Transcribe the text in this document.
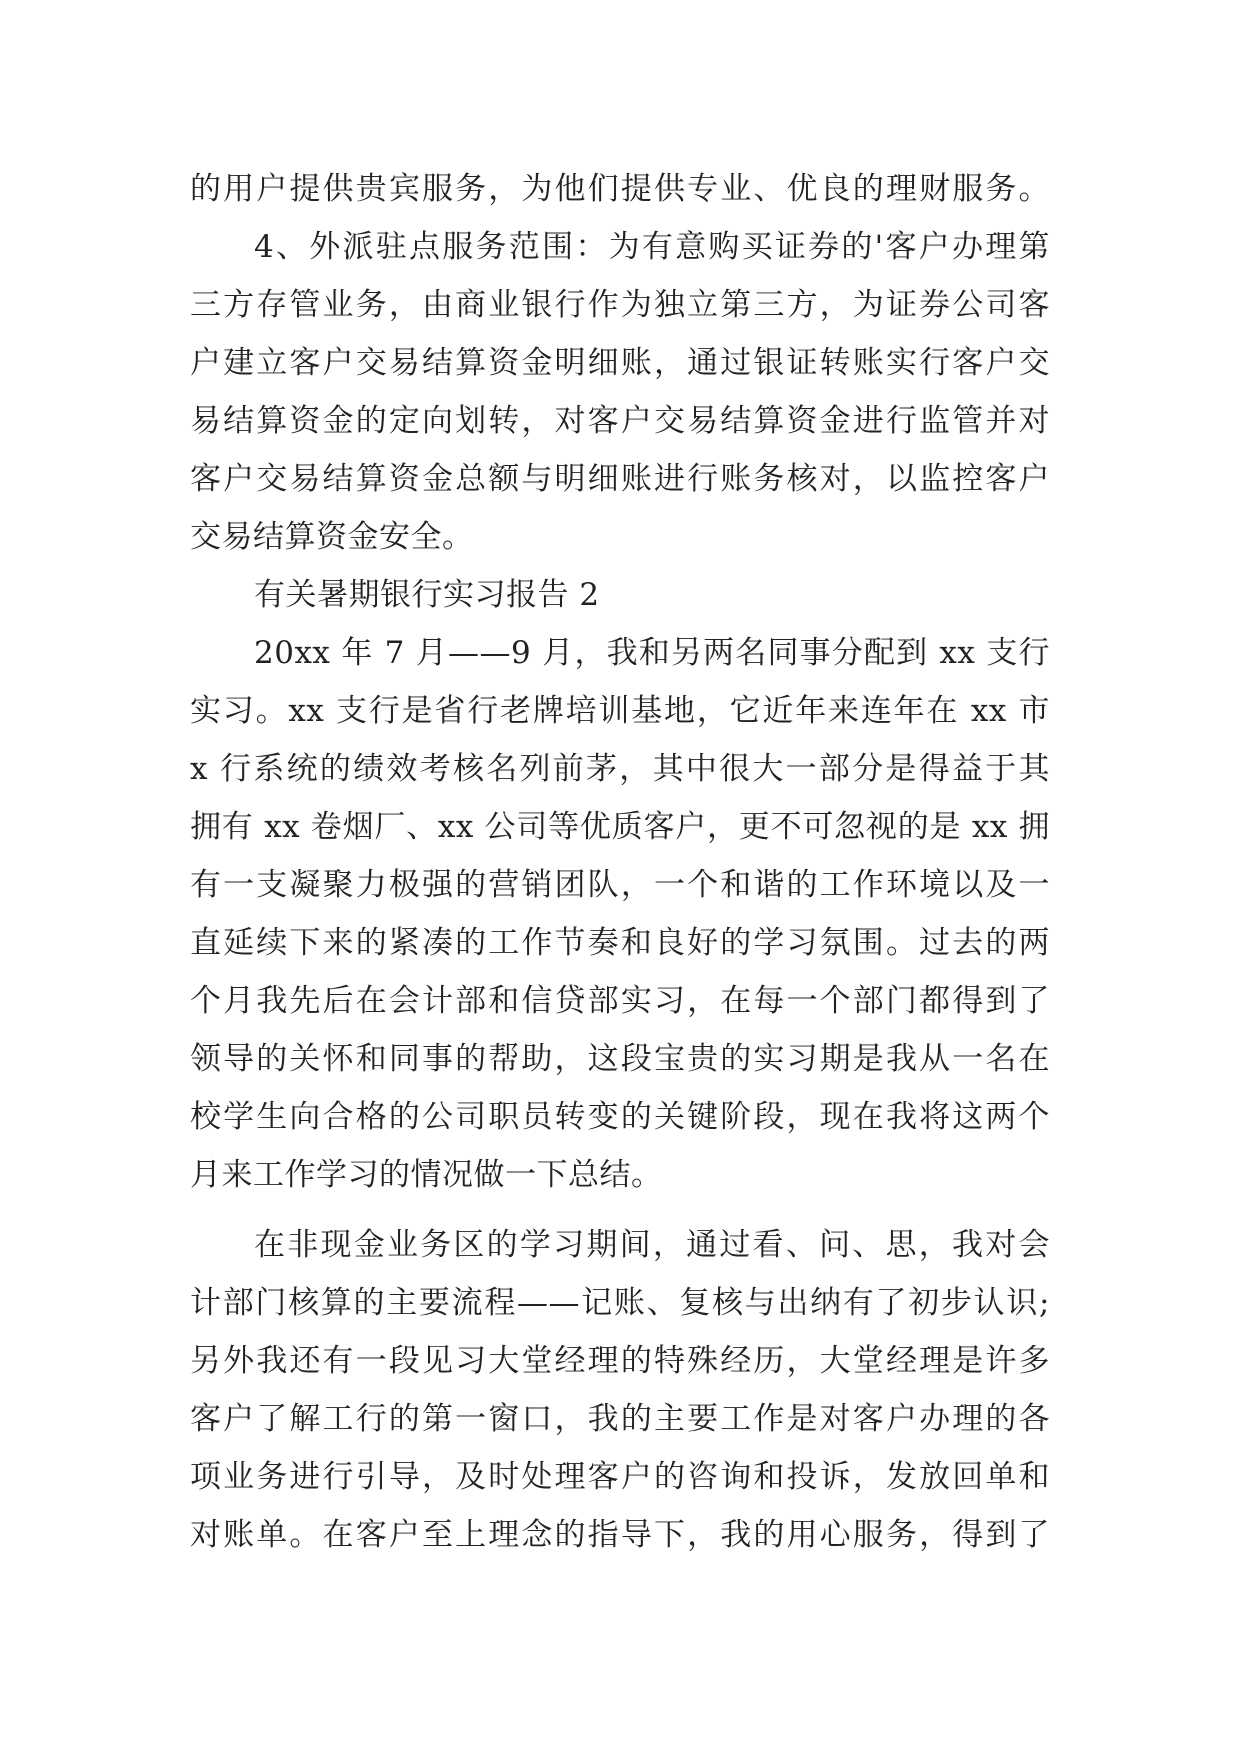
的用户提供贵宾服务，为他们提供专业、优良的理财服务。
4、外派驻点服务范围：为有意购买证券的'客户办理第
三方存管业务，由商业银行作为独立第三方，为证券公司客
户建立客户交易结算资金明细账，通过银证转账实行客户交
易结算资金的定向划转，对客户交易结算资金进行监管并对
客户交易结算资金总额与明细账进行账务核对，以监控客户
交易结算资金安全。
有关暑期银行实习报告 2
20xx 年 7 月——9 月，我和另两名同事分配到 xx 支行
实习。xx 支行是省行老牌培训基地，它近年来连年在 xx 市
x 行系统的绩效考核名列前茅，其中很大一部分是得益于其
拥有 xx 卷烟厂、xx 公司等优质客户，更不可忽视的是 xx 拥
有一支凝聚力极强的营销团队，一个和谐的工作环境以及一
直延续下来的紧凑的工作节奏和良好的学习氛围。过去的两
个月我先后在会计部和信贷部实习，在每一个部门都得到了
领导的关怀和同事的帮助，这段宝贵的实习期是我从一名在
校学生向合格的公司职员转变的关键阶段，现在我将这两个
月来工作学习的情况做一下总结。
在非现金业务区的学习期间，通过看、问、思，我对会
计部门核算的主要流程——记账、复核与出纳有了初步认识;
另外我还有一段见习大堂经理的特殊经历，大堂经理是许多
客户了解工行的第一窗口，我的主要工作是对客户办理的各
项业务进行引导，及时处理客户的咨询和投诉，发放回单和
对账单。在客户至上理念的指导下，我的用心服务，得到了
